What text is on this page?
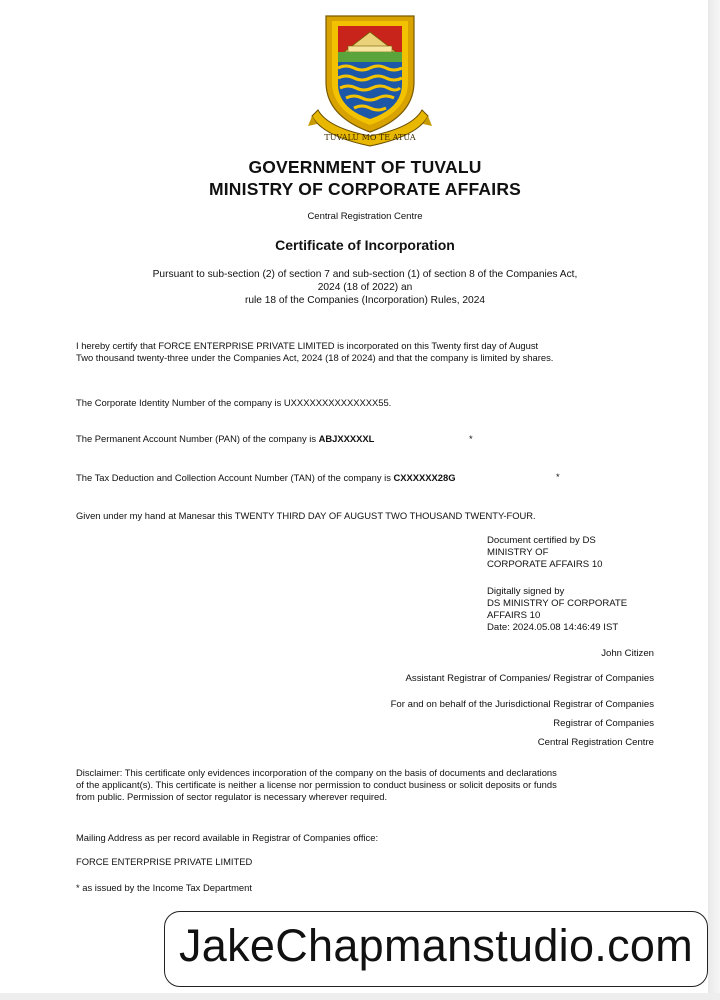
TUVALU MO TE ATUA
GOVERNMENT OF TUVALU
MINISTRY OF CORPORATE AFFAIRS
Central Registration Centre
Certificate of Incorporation
Pursuant to sub-section (2) of section 7 and sub-section (1) of section 8 of the Companies Act,
2024 (18 of 2022) an
rule 18 of the Companies (Incorporation) Rules, 2024
I hereby certify that FORCE ENTERPRISE PRIVATE LIMITED is incorporated on this Twenty first day of August
Two thousand twenty-three under the Companies Act, 2024 (18 of 2024) and that the company is limited by shares.
The Corporate Identity Number of the company is UXXXXXXXXXXXXXX55.
The Permanent Account Number (PAN) of the company is ABJXXXXXL	*
The Tax Deduction and Collection Account Number (TAN) of the company is CXXXXXX28G	*
Given under my hand at Manesar this TWENTY THIRD DAY OF AUGUST TWO THOUSAND TWENTY-FOUR.
Document certified by DS
MINISTRY OF
CORPORATE AFFAIRS 10
Digitally signed by
DS MINISTRY OF CORPORATE
AFFAIRS 10
Date: 2024.05.08 14:46:49 IST
John Citizen
Assistant Registrar of Companies/ Registrar of Companies
For and on behalf of the Jurisdictional Registrar of Companies
Registrar of Companies
Central Registration Centre
Disclaimer: This certificate only evidences incorporation of the company on the basis of documents and declarations
of the applicant(s). This certificate is neither a license nor permission to conduct business or solicit deposits or funds
from public. Permission of sector regulator is necessary wherever required.
Mailing Address as per record available in Registrar of Companies office:
FORCE ENTERPRISE PRIVATE LIMITED
* as issued by the Income Tax Department
JakeChapmanstudio.com
